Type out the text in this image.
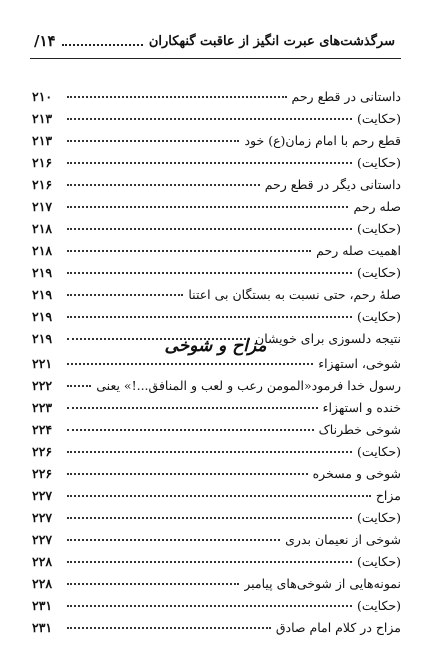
سرگذشت‌های عبرت انگیز از عاقبت گنهکاران
۱۴/
داستانی در قطع رحم
۲۱۰
(حکایت)
۲۱۳
قطع رحم با امام زمان(ع) خود
۲۱۳
(حکایت)
۲۱۶
داستانی دیگر در قطع رحم
۲۱۶
صله رحم
۲۱۷
(حکایت)
۲۱۸
اهمیت صله رحم
۲۱۸
(حکایت)
۲۱۹
صلهٔ رحم، حتی نسبت به بستگان بی اعتنا
۲۱۹
(حکایت)
۲۱۹
نتیجه دلسوزی برای خویشان
۲۱۹	مزاح و شوخی
شوخی، استهزاء
۲۲۱
رسول خدا فرمود«المومن رعب و لعب و المنافق...!» یعنی
۲۲۲
خنده و استهزاء
۲۲۳
شوخی خطرناک
۲۲۴
(حکایت)
۲۲۶
شوخی و مسخره
۲۲۶
مزاح
۲۲۷
(حکایت)
۲۲۷
شوخی از نعیمان بدری
۲۲۷
(حکایت)
۲۲۸
نمونه‌هایی از شوخی‌های پیامبر
۲۲۸
(حکایت)
۲۳۱
مزاح در کلام امام صادق
۲۳۱
